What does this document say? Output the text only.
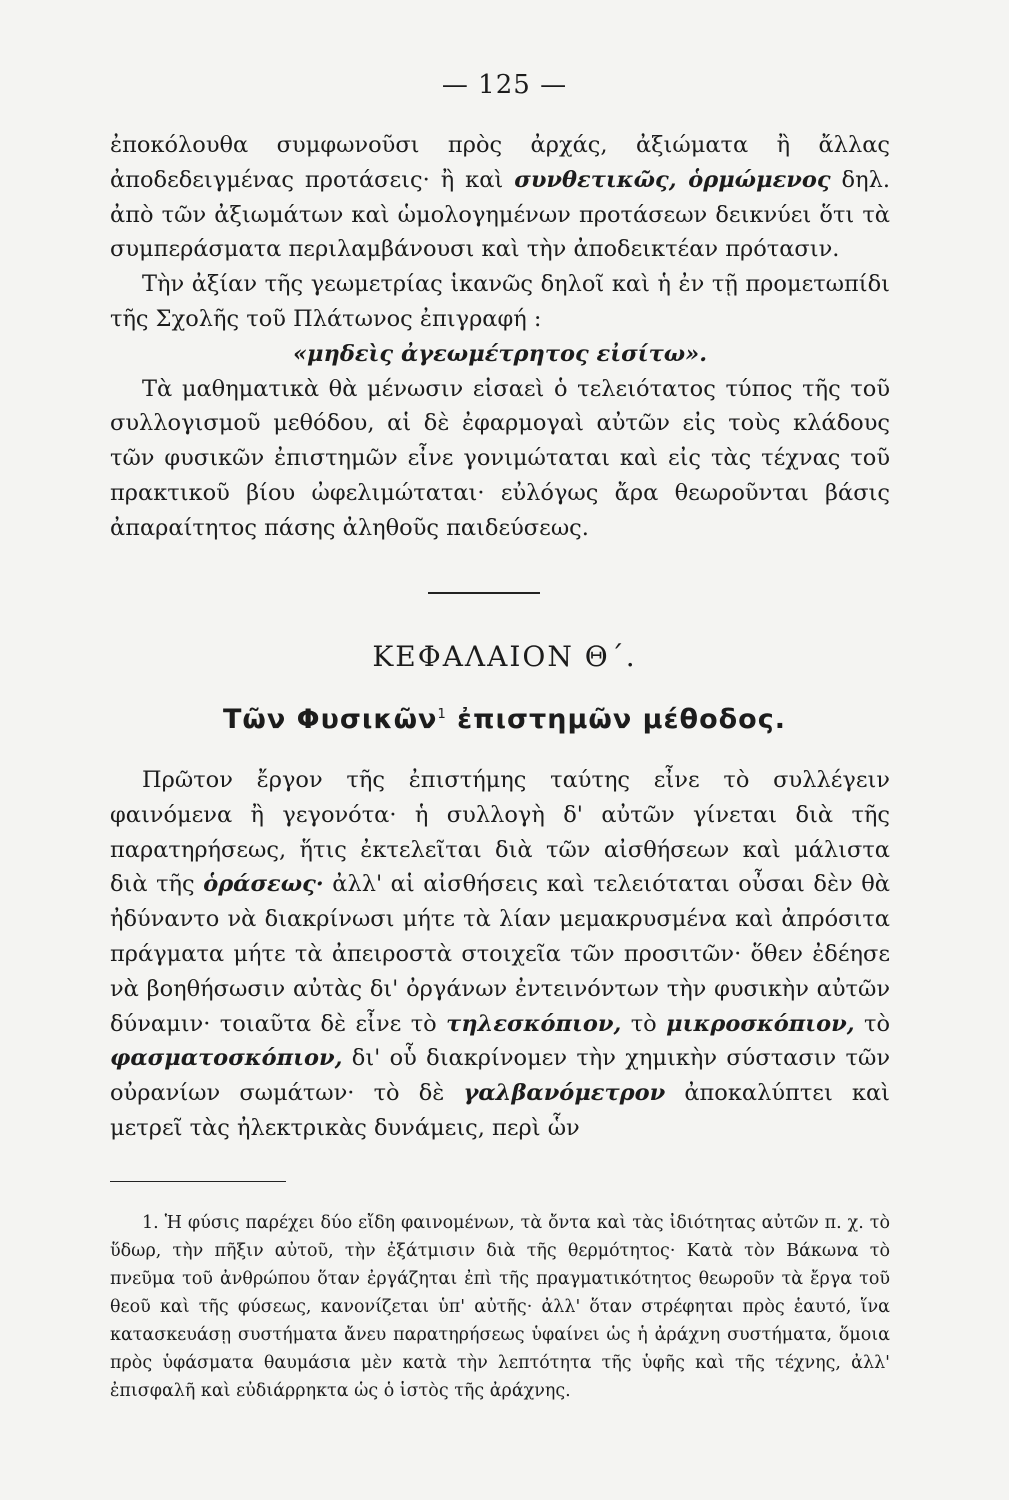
— 125 —

ἐποκόλουθα συμφωνοῦσι πρὸς ἀρχάς, ἀξιώματα ἢ ἄλλας ἀποδεδειγμένας προτάσεις· ἢ καὶ συνθετικῶς, ὁρμώμενος δηλ. ἀπὸ τῶν ἀξιωμάτων καὶ ὡμολογημένων προτάσεων δεικνύει ὅτι τὰ συμπεράσματα περιλαμβάνουσι καὶ τὴν ἀποδεικτέαν πρότασιν.

Τὴν ἀξίαν τῆς γεωμετρίας ἱκανῶς δηλοῖ καὶ ἡ ἐν τῇ προμετωπίδι τῆς Σχολῆς τοῦ Πλάτωνος ἐπιγραφή :

«μηδεὶς ἀγεωμέτρητος εἰσίτω».

Τὰ μαθηματικὰ θὰ μένωσιν εἰσαεὶ ὁ τελειότατος τύπος τῆς τοῦ συλλογισμοῦ μεθόδου, αἱ δὲ ἐφαρμογαὶ αὐτῶν εἰς τοὺς κλάδους τῶν φυσικῶν ἐπιστημῶν εἶνε γονιμώταται καὶ εἰς τὰς τέχνας τοῦ πρακτικοῦ βίου ὠφελιμώταται· εὐλόγως ἄρα θεωροῦνται βάσις ἀπαραίτητος πάσης ἀληθοῦς παιδεύσεως.

ΚΕΦΑΛΑΙΟΝ Θ΄.
Τῶν Φυσικῶν$^1$ ἐπιστημῶν μέθοδος.

Πρῶτον ἔργον τῆς ἐπιστήμης ταύτης εἶνε τὸ συλλέγειν φαινόμενα ἢ γεγονότα· ἡ συλλογὴ δ' αὐτῶν γίνεται διὰ τῆς παρατηρήσεως, ἥτις ἐκτελεῖται διὰ τῶν αἰσθήσεων καὶ μάλιστα διὰ τῆς ὁράσεως· ἀλλ' αἱ αἰσθήσεις καὶ τελειόταται οὖσαι δὲν θὰ ἠδύναντο νὰ διακρίνωσι μήτε τὰ λίαν μεμακρυσμένα καὶ ἀπρόσιτα πράγματα μήτε τὰ ἀπειροστὰ στοιχεῖα τῶν προσιτῶν· ὅθεν ἐδέησε νὰ βοηθήσωσιν αὐτὰς δι' ὀργάνων ἐντεινόντων τὴν φυσικὴν αὐτῶν δύναμιν· τοιαῦτα δὲ εἶνε τὸ τηλεσκόπιον, τὸ μικροσκόπιον, τὸ φασματοσκόπιον, δι' οὗ διακρίνομεν τὴν χημικὴν σύστασιν τῶν οὐρανίων σωμάτων· τὸ δὲ γαλβανόμετρον ἀποκαλύπτει καὶ μετρεῖ τὰς ἠλεκτρικὰς δυνάμεις, περὶ ὧν

1. Ἡ φύσις παρέχει δύο εἴδη φαινομένων, τὰ ὄντα καὶ τὰς ἰδιότητας αὐτῶν π. χ. τὸ ὕδωρ, τὴν πῆξιν αὐτοῦ, τὴν ἐξάτμισιν διὰ τῆς θερμότητος· Κατὰ τὸν Βάκωνα τὸ πνεῦμα τοῦ ἀνθρώπου ὅταν ἐργάζηται ἐπὶ τῆς πραγματικότητος θεωροῦν τὰ ἔργα τοῦ θεοῦ καὶ τῆς φύσεως, κανονίζεται ὑπ' αὐτῆς· ἀλλ' ὅταν στρέφηται πρὸς ἑαυτό, ἵνα κατασκευάσῃ συστήματα ἄνευ παρατηρήσεως ὑφαίνει ὡς ἡ ἀράχνη συστήματα, ὅμοια πρὸς ὑφάσματα θαυμάσια μὲν κατὰ τὴν λεπτότητα τῆς ὑφῆς καὶ τῆς τέχνης, ἀλλ' ἐπισφαλῆ καὶ εὐδιάρρηκτα ὡς ὁ ἱστὸς τῆς ἀράχνης.
